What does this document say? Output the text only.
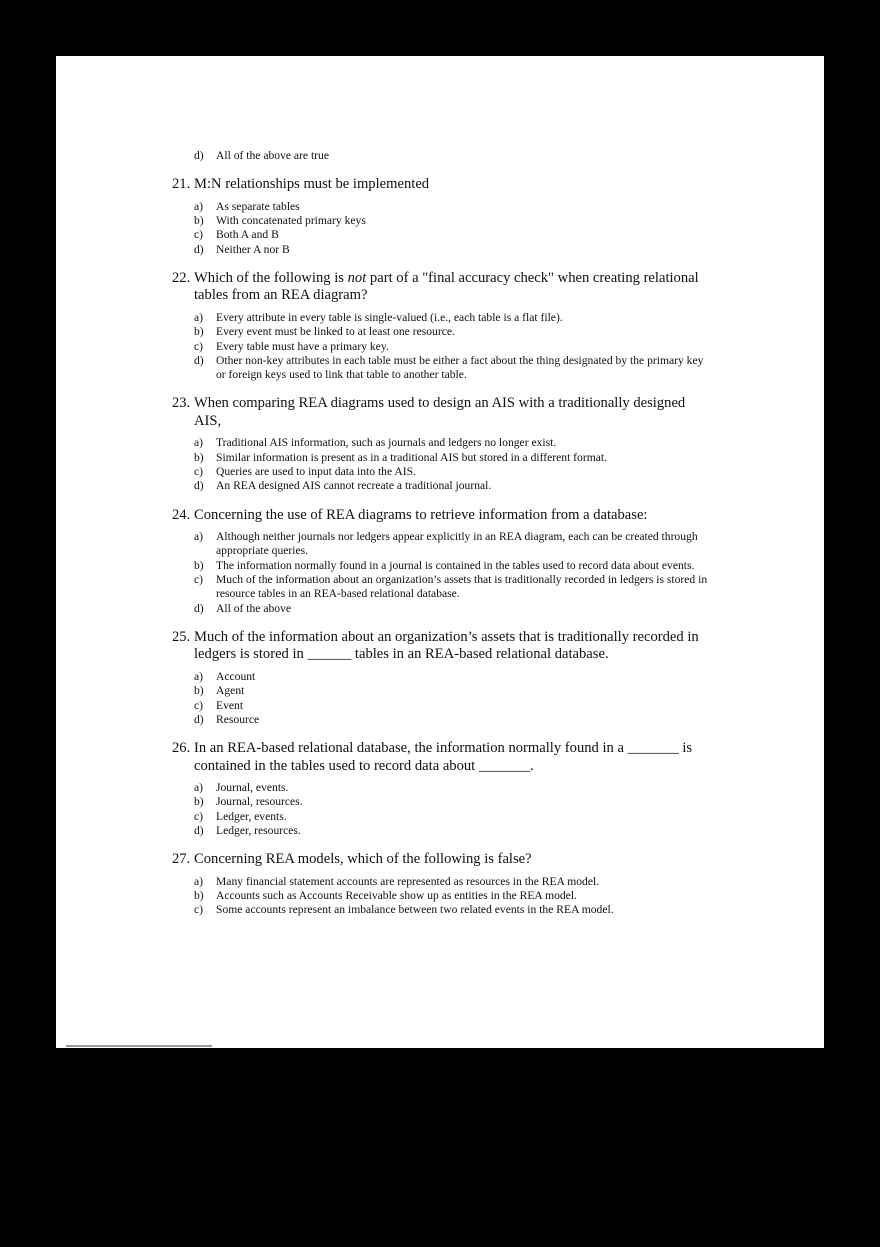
d)	All of the above are true
21. M:N relationships must be implemented
a)	As separate tables
b)	With concatenated primary keys
c)	Both A and B
d)	Neither A nor B
22. Which of the following is not part of a "final accuracy check" when creating relational tables from an REA diagram?
a)	Every attribute in every table is single-valued (i.e., each table is a flat file).
b)	Every event must be linked to at least one resource.
c)	Every table must have a primary key.
d)	Other non-key attributes in each table must be either a fact about the thing designated by the primary key or foreign keys used to link that table to another table.
23. When comparing REA diagrams used to design an AIS with a traditionally designed AIS,
a)	Traditional AIS information, such as journals and ledgers no longer exist.
b)	Similar information is present as in a traditional AIS but stored in a different format.
c)	Queries are used to input data into the AIS.
d)	An REA designed AIS cannot recreate a traditional journal.
24. Concerning the use of REA diagrams to retrieve information from a database:
a)	Although neither journals nor ledgers appear explicitly in an REA diagram, each can be created through appropriate queries.
b)	The information normally found in a journal is contained in the tables used to record data about events.
c)	Much of the information about an organization’s assets that is traditionally recorded in ledgers is stored in resource tables in an REA-based relational database.
d)	All of the above
25. Much of the information about an organization’s assets that is traditionally recorded in ledgers is stored in ______ tables in an REA-based relational database.
a)	Account
b)	Agent
c)	Event
d)	Resource
26. In an REA-based relational database, the information normally found in a _______ is contained in the tables used to record data about _______.
a)	Journal, events.
b)	Journal, resources.
c)	Ledger, events.
d)	Ledger, resources.
27. Concerning REA models, which of the following is false?
a)	Many financial statement accounts are represented as resources in the REA model.
b)	Accounts such as Accounts Receivable show up as entities in the REA model.
c)	Some accounts represent an imbalance between two related events in the REA model.
